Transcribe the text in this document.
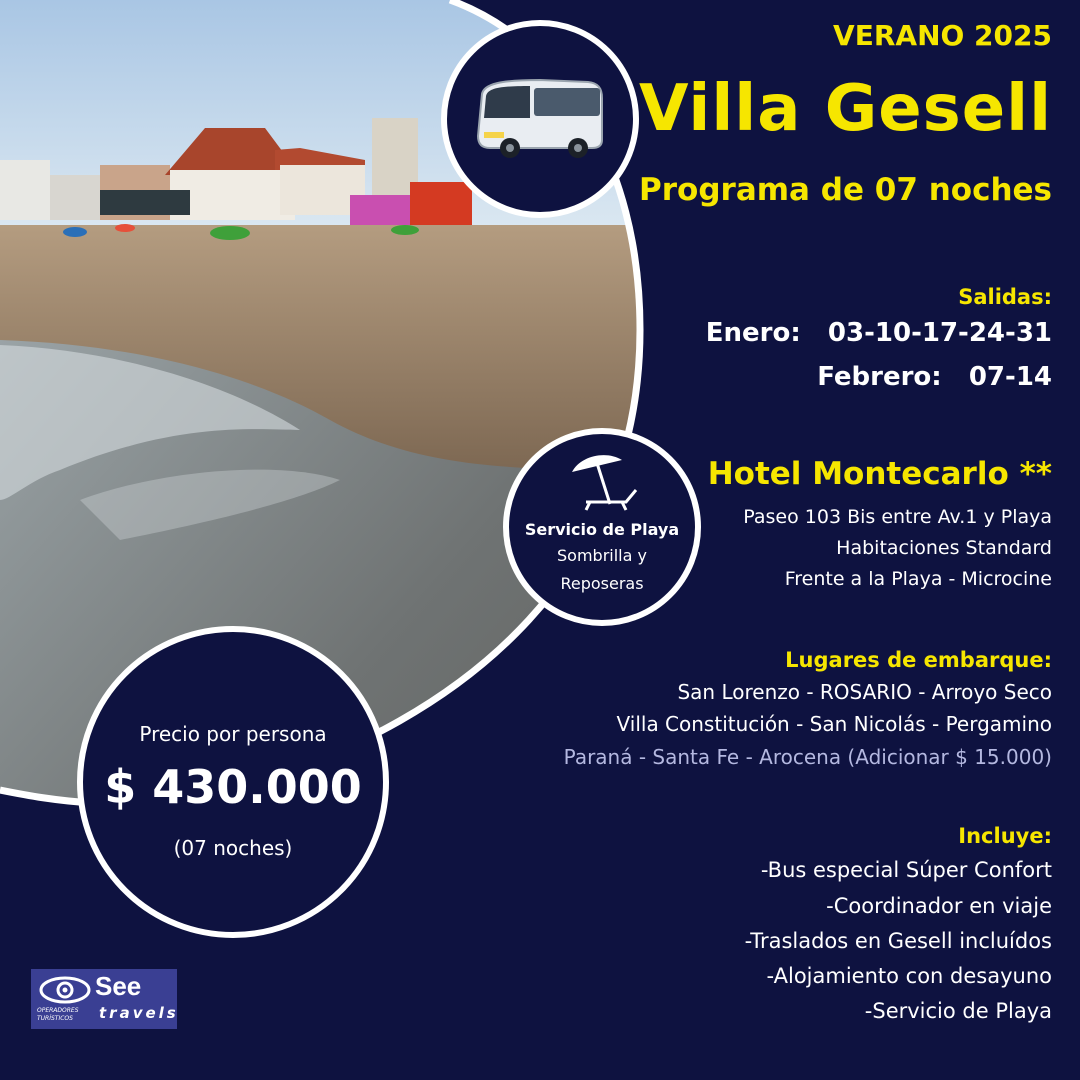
VERANO 2025
Villa Gesell
Programa de 07 noches
Salidas:
Enero: 03-10-17-24-31
Febrero: 07-14
Hotel Montecarlo **
Paseo 103 Bis entre Av.1 y Playa
Habitaciones Standard
Frente a la Playa - Microcine
Lugares de embarque:
San Lorenzo - ROSARIO - Arroyo Seco
Villa Constitución - San Nicolás - Pergamino
Paraná - Santa Fe - Arocena (Adicionar $ 15.000)
Incluye:
-Bus especial Súper Confort
-Coordinador en viaje
-Traslados en Gesell incluídos
-Alojamiento con desayuno
-Servicio de Playa
Servicio de Playa
Sombrilla y
Reposeras
Precio por persona
$ 430.000
(07 noches)
See
travels
OPERADORES
TURÍSTICOS
